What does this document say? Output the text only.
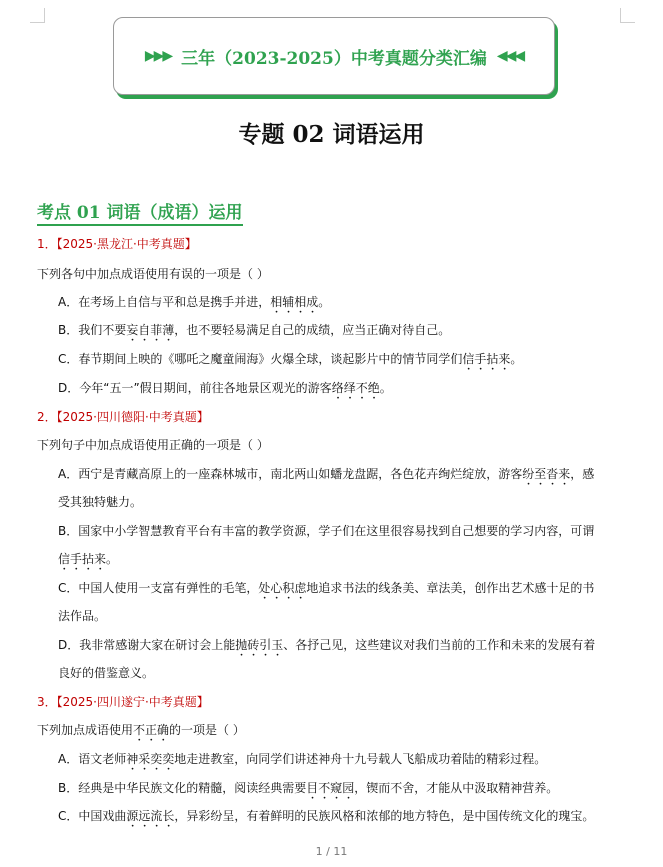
▶▶▶ 三年（2023-2025）中考真题分类汇编 ◀◀◀
专题 02 词语运用
考点 01 词语（成语）运用
1．【2025·黑龙江·中考真题】
下列各句中加点成语使用有误的一项是（ ）
A．在考场上自信与平和总是携手并进，相辅相成。
B．我们不要妄自菲薄，也不要轻易满足自己的成绩，应当正确对待自己。
C．春节期间上映的《哪吒之魔童闹海》火爆全球，谈起影片中的情节同学们信手拈来。
D．今年“五一”假日期间，前往各地景区观光的游客络绎不绝。
2．【2025·四川德阳·中考真题】
下列句子中加点成语使用正确的一项是（ ）
A．西宁是青藏高原上的一座森林城市，南北两山如蟠龙盘踞，各色花卉绚烂绽放，游客纷至沓来，感
受其独特魅力。
B．国家中小学智慧教育平台有丰富的教学资源，学子们在这里很容易找到自己想要的学习内容，可谓
信手拈来。
C．中国人使用一支富有弹性的毛笔，处心积虑地追求书法的线条美、章法美，创作出艺术感十足的书
法作品。
D．我非常感谢大家在研讨会上能抛砖引玉、各抒己见，这些建议对我们当前的工作和未来的发展有着
良好的借鉴意义。
3．【2025·四川遂宁·中考真题】
下列加点成语使用不正确的一项是（ ）
A．语文老师神采奕奕地走进教室，向同学们讲述神舟十九号载人飞船成功着陆的精彩过程。
B．经典是中华民族文化的精髓，阅读经典需要目不窥园，锲而不舍，才能从中汲取精神营养。
C．中国戏曲源远流长，异彩纷呈，有着鲜明的民族风格和浓郁的地方特色，是中国传统文化的瑰宝。
1 / 11
